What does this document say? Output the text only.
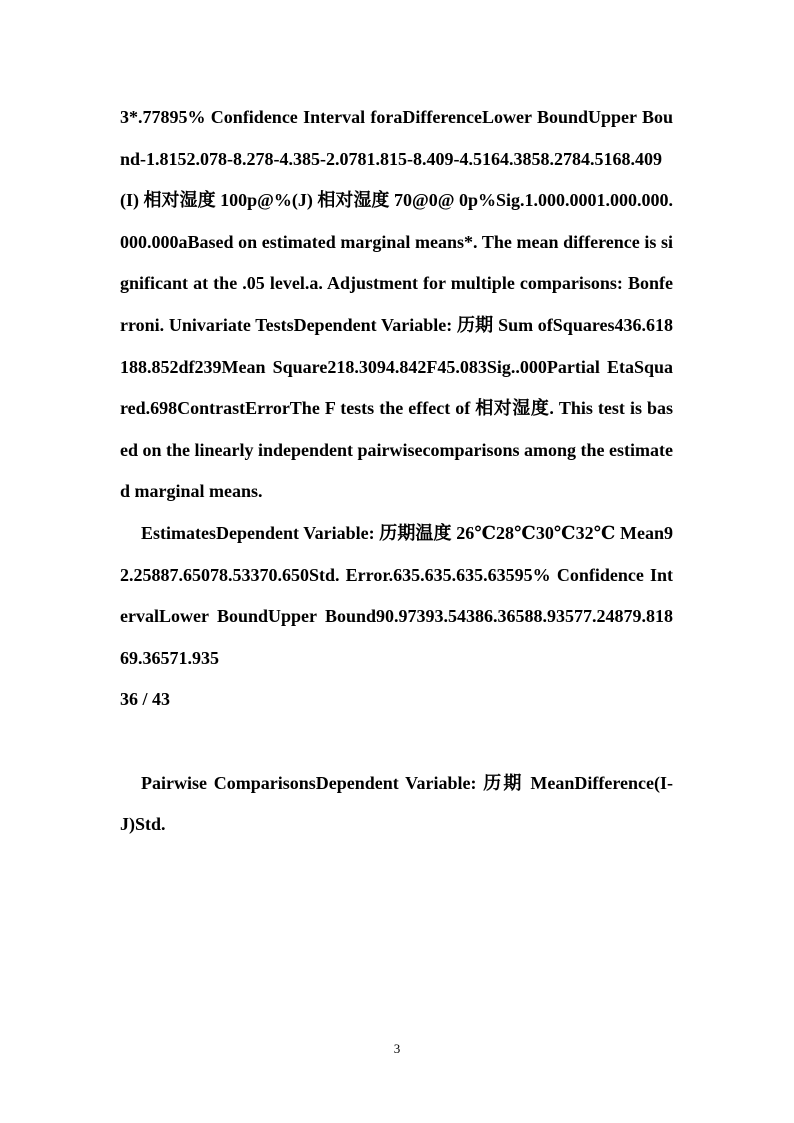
3*.77895% Confidence Interval foraDifferenceLower BoundUpper Bound-1.8152.078-8.278-4.385-2.0781.815-8.409-4.5164.3858.2784.5168.409(I) 相对湿度 100p@%(J) 相对湿度 70@0@ 0p%Sig.1.000.0001.000.000.000.000aBased on estimated marginal means*. The mean difference is significant at the .05 level.a. Adjustment for multiple comparisons: Bonferroni. Univariate TestsDependent Variable: 历期 Sum ofSquares436.618188.852df239Mean Square218.3094.842F45.083Sig..000Partial EtaSquared.698ContrastErrorThe F tests the effect of 相对湿度. This test is based on the linearly independent pairwisecomparisons among the estimated marginal means.

EstimatesDependent Variable: 历期温度 26℃28℃30℃32℃ Mean92.25887.65078.53370.650Std. Error.635.635.635.63595% Confidence IntervalLower BoundUpper Bound90.97393.54386.36588.93577.24879.81869.36571.935

36 / 43

Pairwise ComparisonsDependent Variable: 历期 MeanDifference(I-J)Std.

3
